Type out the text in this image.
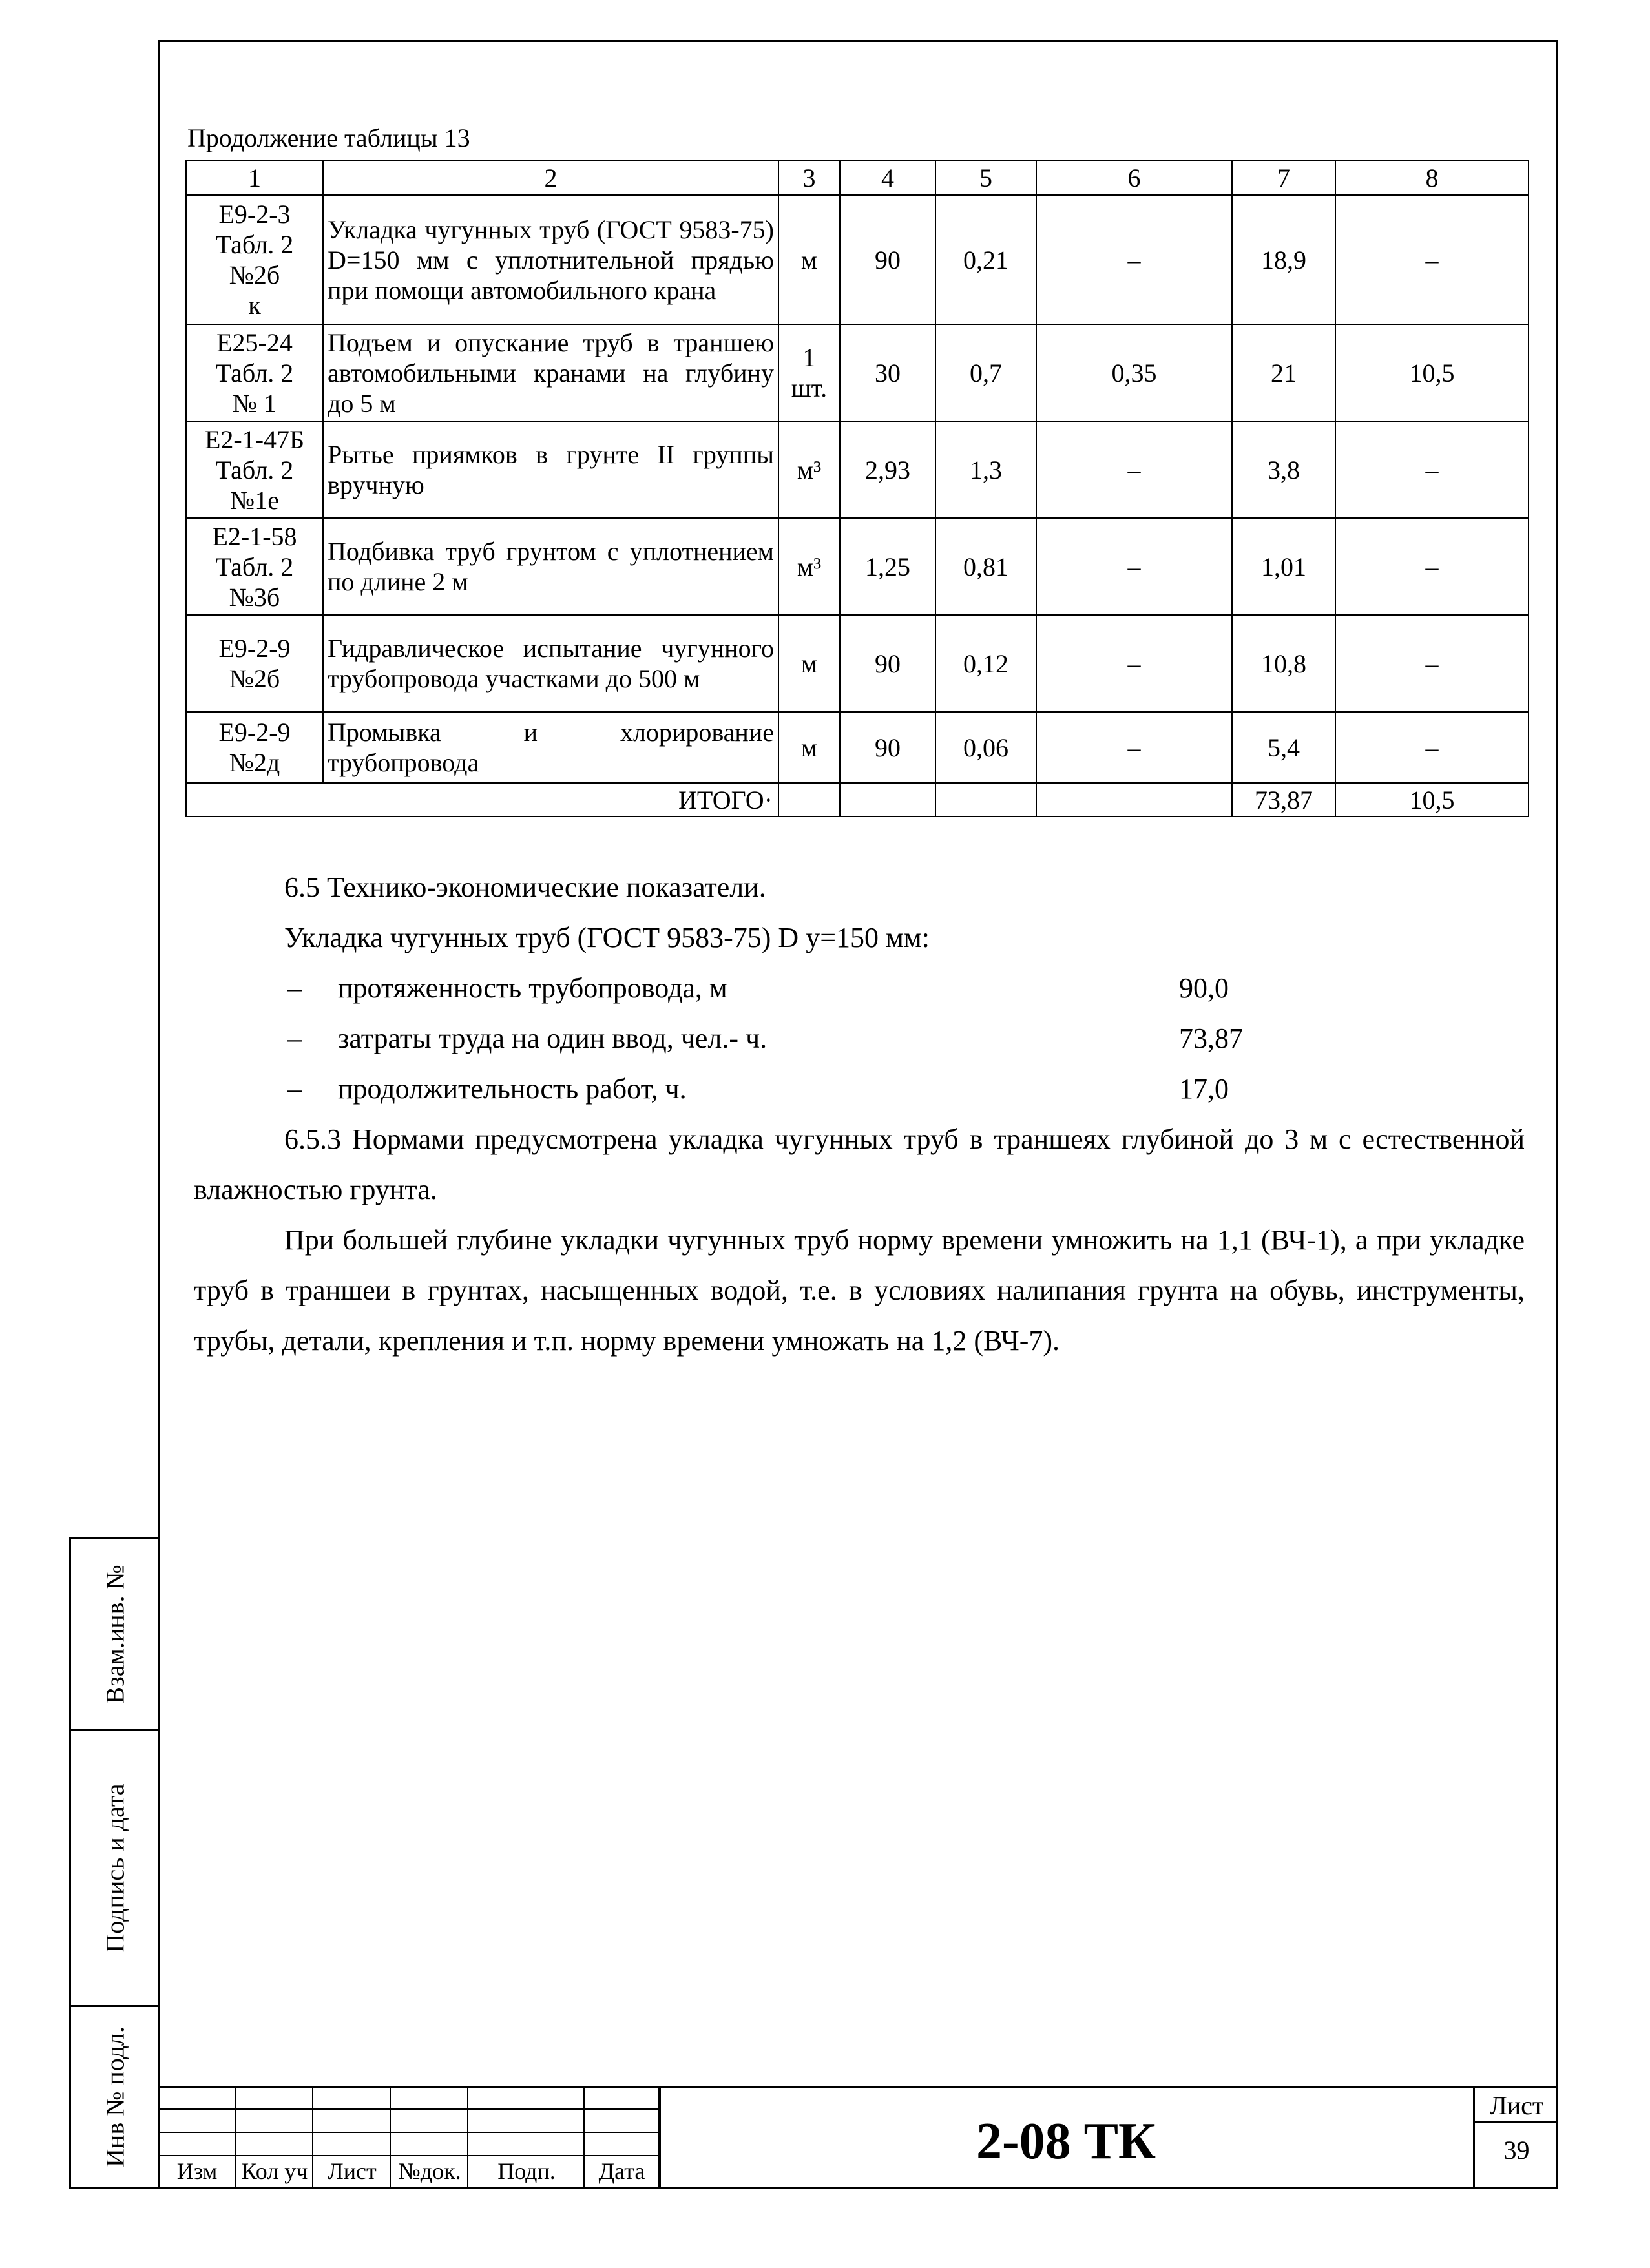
Продолжение таблицы 13
1	2	3	4	5	6	7	8
Е9-2-3
Табл. 2
№2б
к	Укладка чугунных труб (ГОСТ 9583-75) D=150 мм с уплотнительной прядью при помощи автомобильного крана	м	90	0,21	–	18,9	–
Е25-24
Табл. 2
№ 1	Подъем и опускание труб в траншею автомобильными кранами на глубину до 5 м	1
шт.	30	0,7	0,35	21	10,5
Е2-1-47Б
Табл. 2
№1е	Рытье приямков в грунте II группы вручную	м³	2,93	1,3	–	3,8	–
Е2-1-58
Табл. 2
№3б	Подбивка труб грунтом с уплотнением по длине 2 м	м³	1,25	0,81	–	1,01	–
Е9-2-9
№2б	Гидравлическое испытание чугунного трубопровода участками до 500 м	м	90	0,12	–	10,8	–
Е9-2-9
№2д	Промывка и хлорирование трубопровода	м	90	0,06	–	5,4	–
ИТОГО·						73,87	10,5
6.5 Технико-экономические показатели.
Укладка чугунных труб (ГОСТ 9583-75) D у=150 мм:
– протяженность трубопровода, м	90,0
– затраты труда на один ввод, чел.- ч.	73,87
– продолжительность работ, ч.	17,0
6.5.3 Нормами предусмотрена укладка чугунных труб в траншеях глубиной до 3 м с естественной влажностью грунта.
При большей глубине укладки чугунных труб норму времени умножить на 1,1 (ВЧ-1), а при укладке труб в траншеи в грунтах, насыщенных водой, т.е. в условиях налипания грунта на обувь, инструменты, трубы, детали, крепления и т.п. норму времени умножать на 1,2 (ВЧ-7).
Взам.инв. №
Подпись и дата
Инв № подл.
Изм	Кол уч Лист №док.	Подп.	Дата
2-08 ТК
Лист
39
